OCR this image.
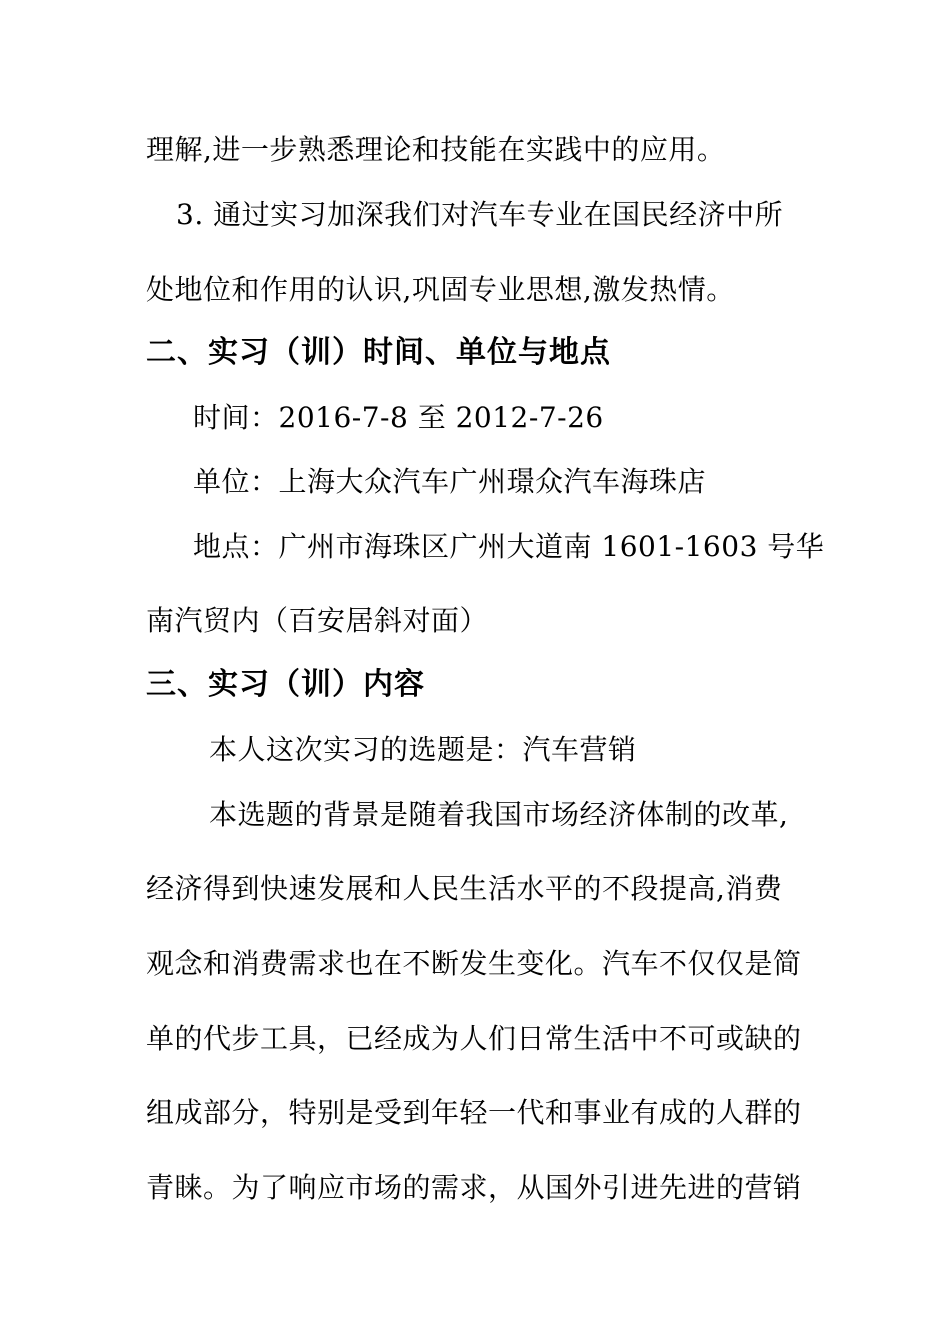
理解,进一步熟悉理论和技能在实践中的应用。
3. 通过实习加深我们对汽车专业在国民经济中所
处地位和作用的认识,巩固专业思想,激发热情。
二、实习（训）时间、单位与地点
时间：2016-7-8 至 2012-7-26
单位：上海大众汽车广州璟众汽车海珠店
地点：广州市海珠区广州大道南 1601-1603 号华
南汽贸内（百安居斜对面）
三、实习（训）内容
本人这次实习的选题是：汽车营销
本选题的背景是随着我国市场经济体制的改革,
经济得到快速发展和人民生活水平的不段提高,消费
观念和消费需求也在不断发生变化。汽车不仅仅是简
单的代步工具，已经成为人们日常生活中不可或缺的
组成部分，特别是受到年轻一代和事业有成的人群的
青睐。为了响应市场的需求，从国外引进先进的营销
